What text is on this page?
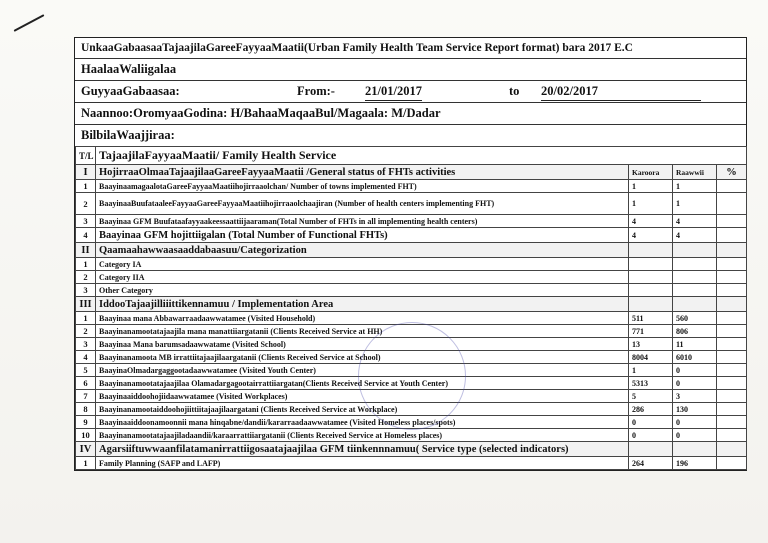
UnkaaGabaasaaTajaajilaGareeFayyaaMaatii(Urban Family Health Team Service Report format) bara 2017 E.C
HaalaaWaliigalaa
GuyyaaGabaasaa:	From:- 21/01/2017	to 20/02/2017
Naannoo:OromyaaGodina: H/BahaaMaqaaBul/Magaala: M/Dadar
BilbilaWaajjiraa:
T/L	TajaajilaFayyaaMaatii/ Family Health Service			
I	HojirraaOlmaaTajaajilaaGareeFayyaaMaatii /General status of FHTs activities	Karoora	Raawwii	%
1	BaayinaamagaalotaGareeFayyaaMaatiihojirraaolchan/ Number of towns implemented FHT)	1	1	
2	BaayinaaBuufataaleeFayyaaGareeFayyaaMaatiihojirraaolchaajiran (Number of health centers implementing FHT)	1	1	
3	Baayinaa GFM Buufataafayyaakeessaattiijaaraman(Total Number of FHTs in all implementing health centers)	4	4	
4	Baayinaa GFM hojittiigalan (Total Number of Functional FHTs)	4	4	
II	Qaamaahawwaasaaddabaasuu/Categorization			
1	Category IA			
2	Category IIA			
3	Other Category			
III	IddooTajaajilliiittikennamuu / Implementation Area			
1	Baayinaa mana Abbawarraadaawwatamee (Visited Household)	511	560	
2	Baayinanamootatajaajila mana manattiiargatanii (Clients Received Service at HH)	771	806	
3	Baayinaa Mana barumsadaawwatame (Visited School)	13	11	
4	Baayinanamoota MB irrattiitajaajilaargatanii (Clients Received Service at School)	8004	6010	
5	BaayinaOlmadargaggootadaawwatamee (Visited Youth Center)	1	0	
6	Baayinanamootatajaajilaa Olamadargagootairrattiiargatan(Clients Received Service at Youth Center)	5313	0	
7	Baayinaaiddoohojiidaawwatamee (Visited Workplaces)	5	3	
8	Baayinanamootaiddoohojiittiitajaajilaargatani (Clients Received Service at Workplace)	286	130	
9	Baayinaaiddoonamoonnii mana hinqabne/dandii/kararraadaawwatamee (Visited Homeless places/spots)	0	0	
10	Baayinanamootatajaajiladaandii/karaarrattiiargatanii (Clients Received Service at Homeless places)	0	0	
IV	Agarsiiftuwwaanfilatamanirrattiigosaatajaajilaa GFM tiinkennnamuu( Service type (selected indicators)			
1	Family Planning (SAFP and LAFP)	264	196	
